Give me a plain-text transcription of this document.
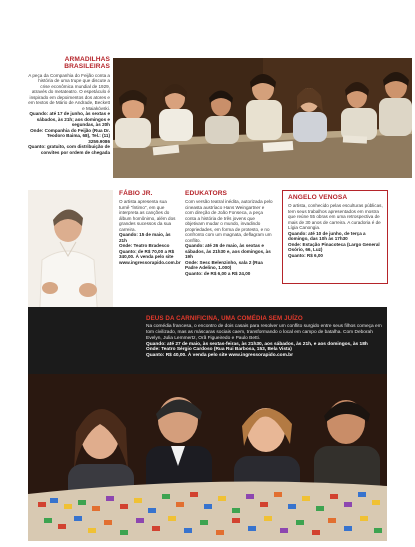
ARMADILHAS
BRASILEIRAS

A peça da Companhia do Feijão conta a história de uma trupe que discute a crise econômica mundial de 1929, através do metateatro. O espetáculo é inspirado em depoimentos dos atores e em textos de Mário de Andrade, Beckett e Maiakóvski.

Quando: até 17 de junho, às sextas e sábados, às 21h; aos domingos e segundas, às 20h

Onde: Companhia do Feijão (Rua Dr. Teodoro Baima, 68), Tel.: (11) 3259.9086

Quanto: gratuito, com distribuição de convites por ordem de chegada

FÁBIO JR.

O artista apresenta sua turnê "Íntimo", em que interpreta as canções do álbum homônimo, além dos grandes sucessos da sua carreira.

Quando: 15 de maio, às 21h

Onde: Teatro Bradesco

Quanto: de R$ 70,00 a R$ 340,00. À venda pelo site www.ingressorapido.com.br

EDUKATORS

Com versão teatral inédita, autorizada pelo cineasta austríaco Hans Weingartner e com direção de João Fonseca, a peça conta a história de três jovens que objetivam mudar o mundo, invadindo propriedades, em forma de protesto, e no confronto com um magnata, deflagram um conflito.

Quando: até 26 de maio, às sextas e sábados, às 21h30 e, aos domingos, às 19h

Onde: Sesc Belenzinho, sala 2 (Rua Padre Adelino, 1.000)

Quanto: de R$ 6,00 a R$ 24,00

ANGELO VENOSA

O artista, conhecido pelas esculturas públicas, tem seus trabalhos apresentados em mostra que reúne 55 obras em uma retrospectiva de mais de 30 anos de carreira. A curadoria é de Lígia Canongia.

Quando: até 10 de junho, de terça a domingo, das 10h às 17h30

Onde: Estação Pinacoteca (Largo General Osório, 66, Luz)

Quanto: R$ 6,00

DEUS DA CARNIFICINA, UMA COMÉDIA SEM JUÍZO

Na comédia francesa, o encontro de dois casais para resolver um conflito surgido entre seus filhos começa em tom civilizado, mas as máscaras sociais caem, transformando o local em campo de batalha. Com Deborah Evelyn, Julia Lemmertz, Orã Figueiredo e Paulo Betti.

Quando: até 27 de maio, às sextas-feiras, às 21h30, aos sábados, às 21h, e aos domingos, às 18h

Onde: Teatro Sérgio Cardoso (Rua Rui Barbosa, 153, Bela Vista)

Quanto: R$ 40,00. À venda pelo site www.ingressorapido.com.br
